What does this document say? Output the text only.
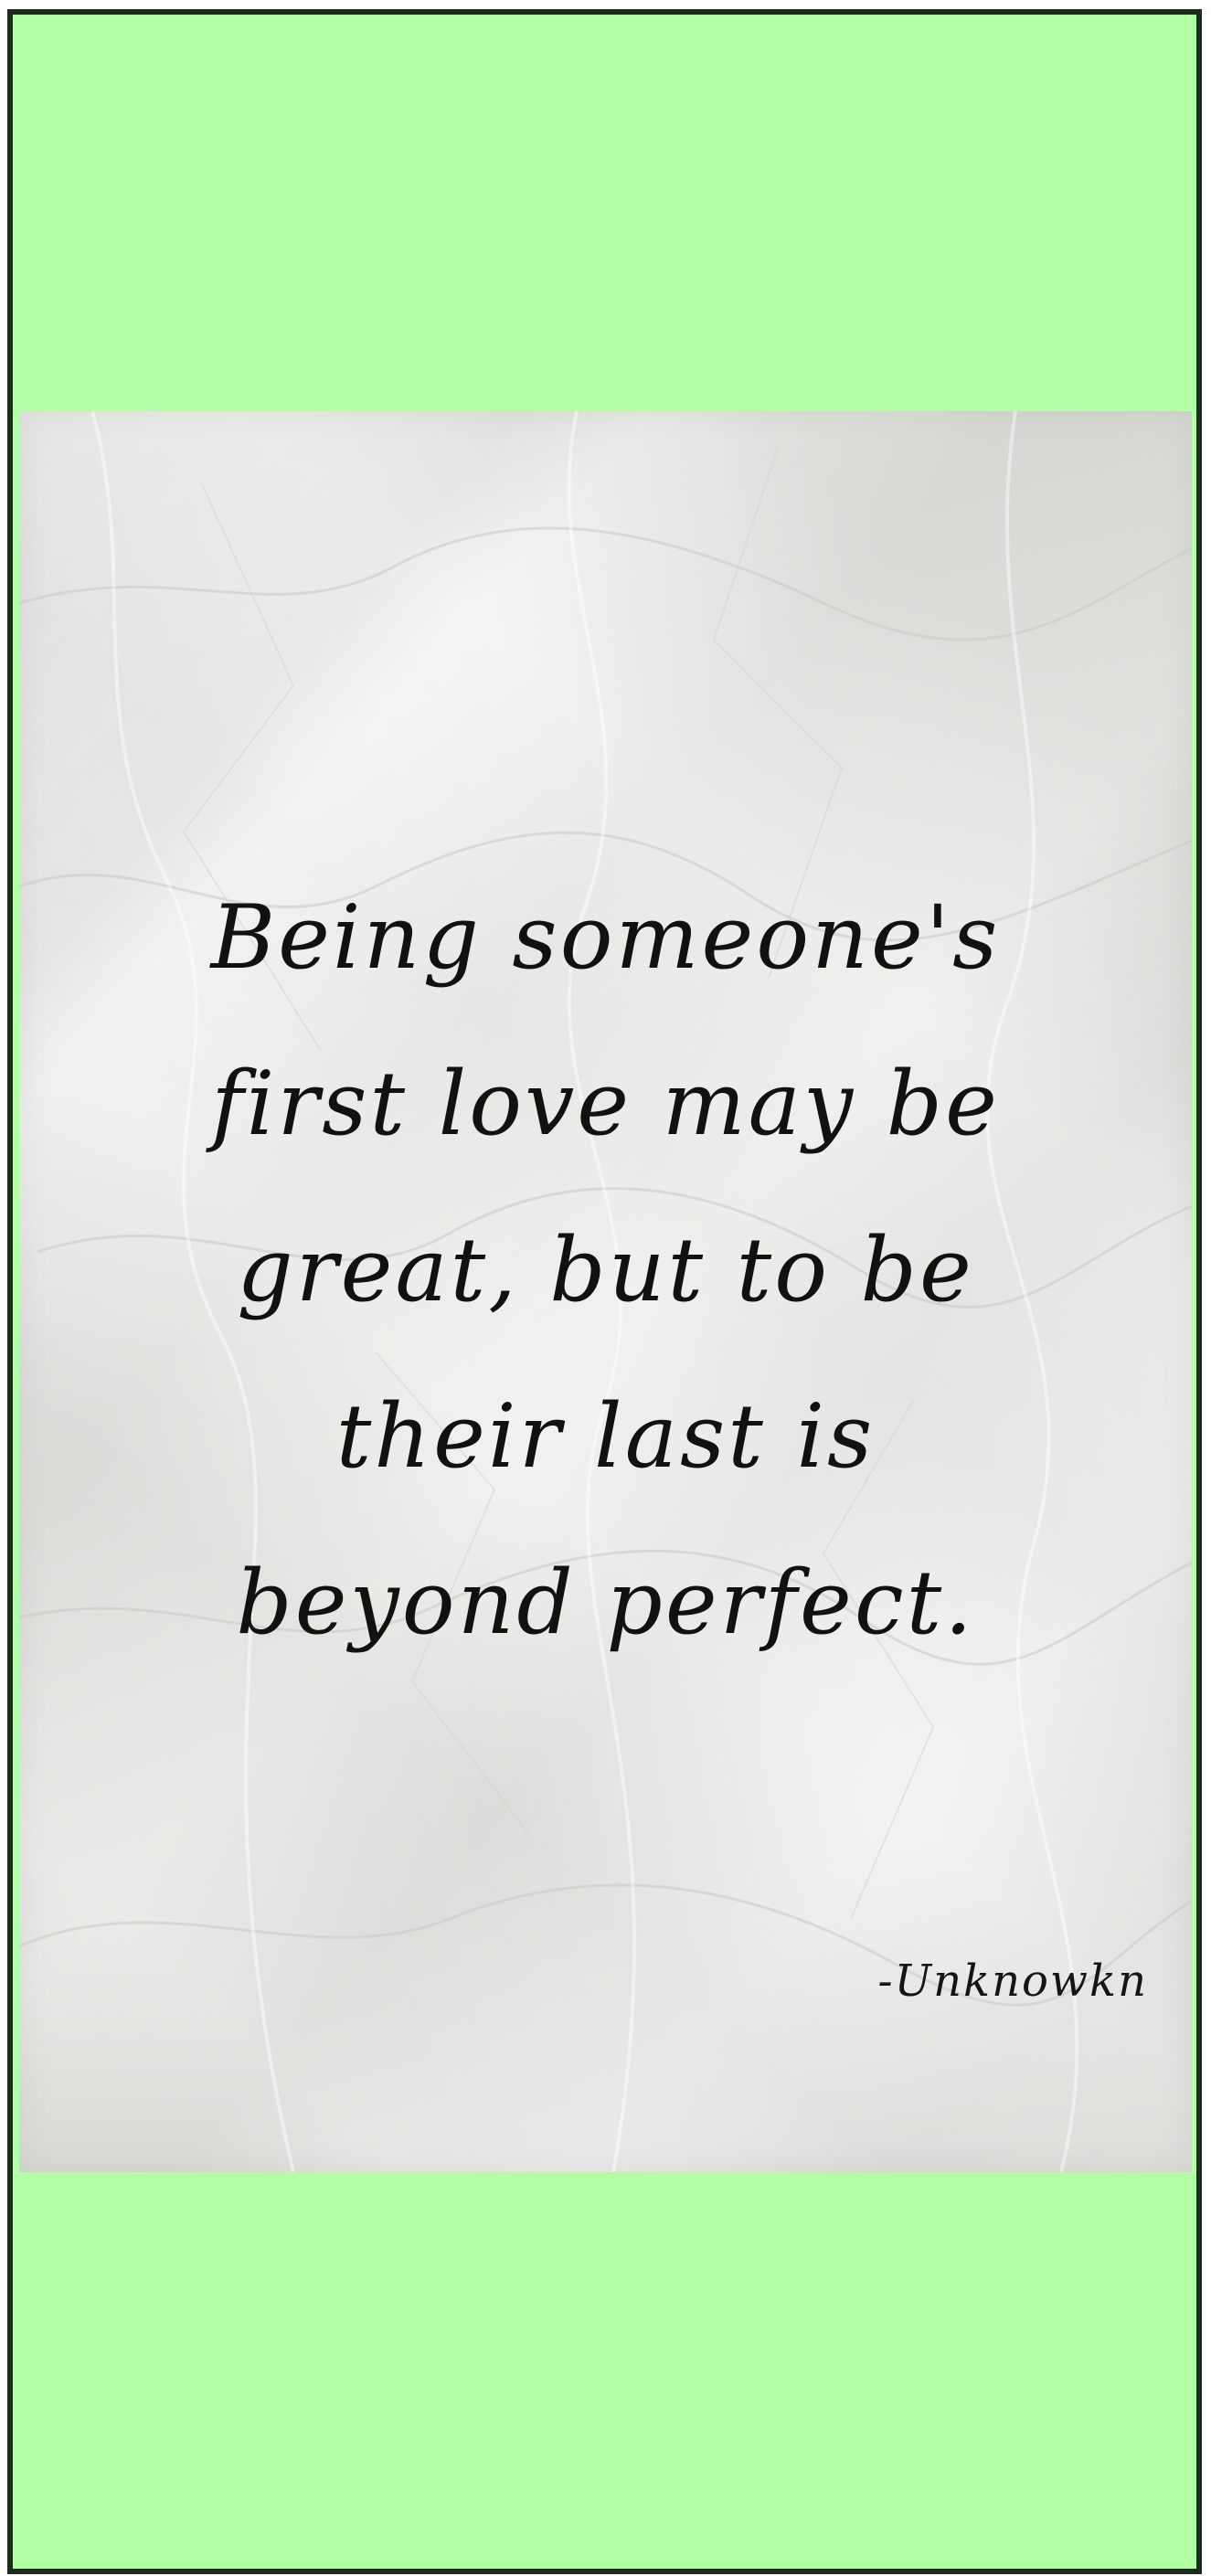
Being someone's
first love may be
great, but to be
their last is
beyond perfect.

-Unknowkn
